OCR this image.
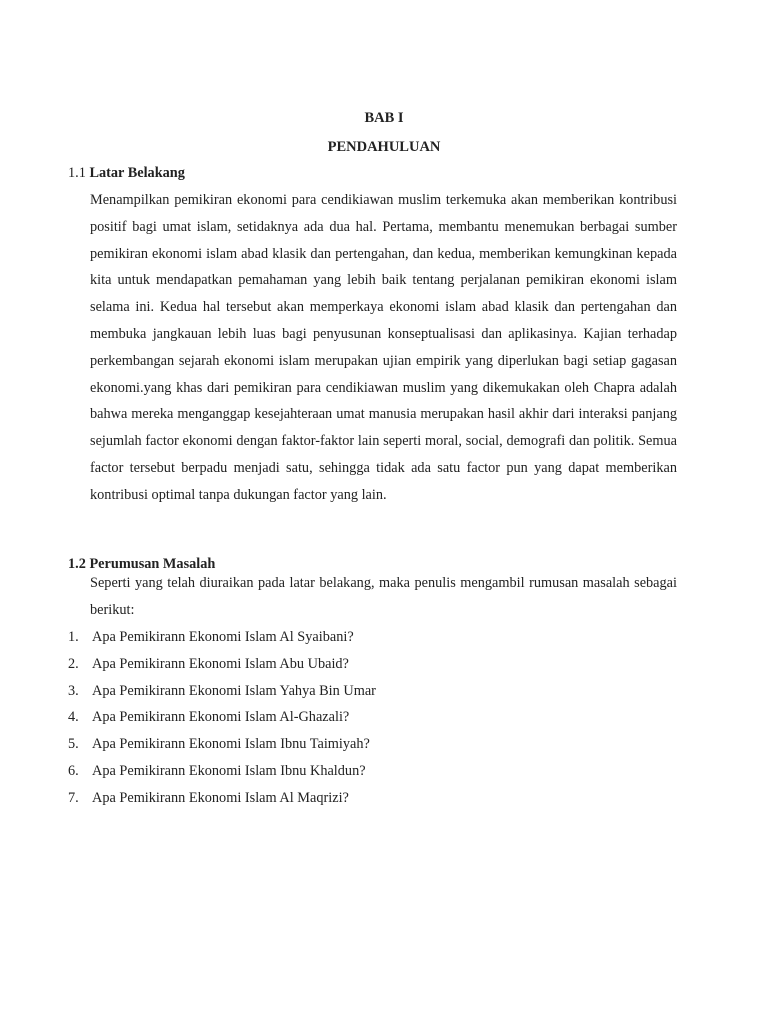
BAB I
PENDAHULUAN
1.1 Latar Belakang
Menampilkan pemikiran ekonomi para cendikiawan muslim terkemuka akan memberikan kontribusi positif bagi umat islam, setidaknya ada dua hal. Pertama, membantu menemukan berbagai sumber pemikiran ekonomi islam abad klasik dan pertengahan, dan kedua, memberikan kemungkinan kepada kita untuk mendapatkan pemahaman yang lebih baik tentang perjalanan pemikiran ekonomi islam selama ini. Kedua hal tersebut akan memperkaya ekonomi islam abad klasik dan pertengahan dan membuka jangkauan lebih luas bagi penyusunan konseptualisasi dan aplikasinya. Kajian terhadap perkembangan sejarah ekonomi islam merupakan ujian empirik yang diperlukan bagi setiap gagasan ekonomi.yang khas dari pemikiran para cendikiawan muslim yang dikemukakan oleh Chapra adalah bahwa mereka menganggap kesejahteraan umat manusia merupakan hasil akhir dari interaksi panjang sejumlah factor ekonomi dengan faktor-faktor lain seperti moral, social, demografi dan politik. Semua factor tersebut berpadu menjadi satu, sehingga tidak ada satu factor pun yang dapat memberikan kontribusi optimal tanpa dukungan factor yang lain.
1.2 Perumusan Masalah
Seperti yang telah diuraikan pada latar belakang, maka penulis mengambil rumusan masalah sebagai berikut:
1. Apa Pemikirann Ekonomi Islam Al Syaibani?
2. Apa Pemikirann Ekonomi Islam Abu Ubaid?
3. Apa Pemikirann Ekonomi Islam Yahya Bin Umar
4. Apa Pemikirann Ekonomi Islam Al-Ghazali?
5. Apa Pemikirann Ekonomi Islam Ibnu Taimiyah?
6. Apa Pemikirann Ekonomi Islam Ibnu Khaldun?
7. Apa Pemikirann Ekonomi Islam Al Maqrizi?
